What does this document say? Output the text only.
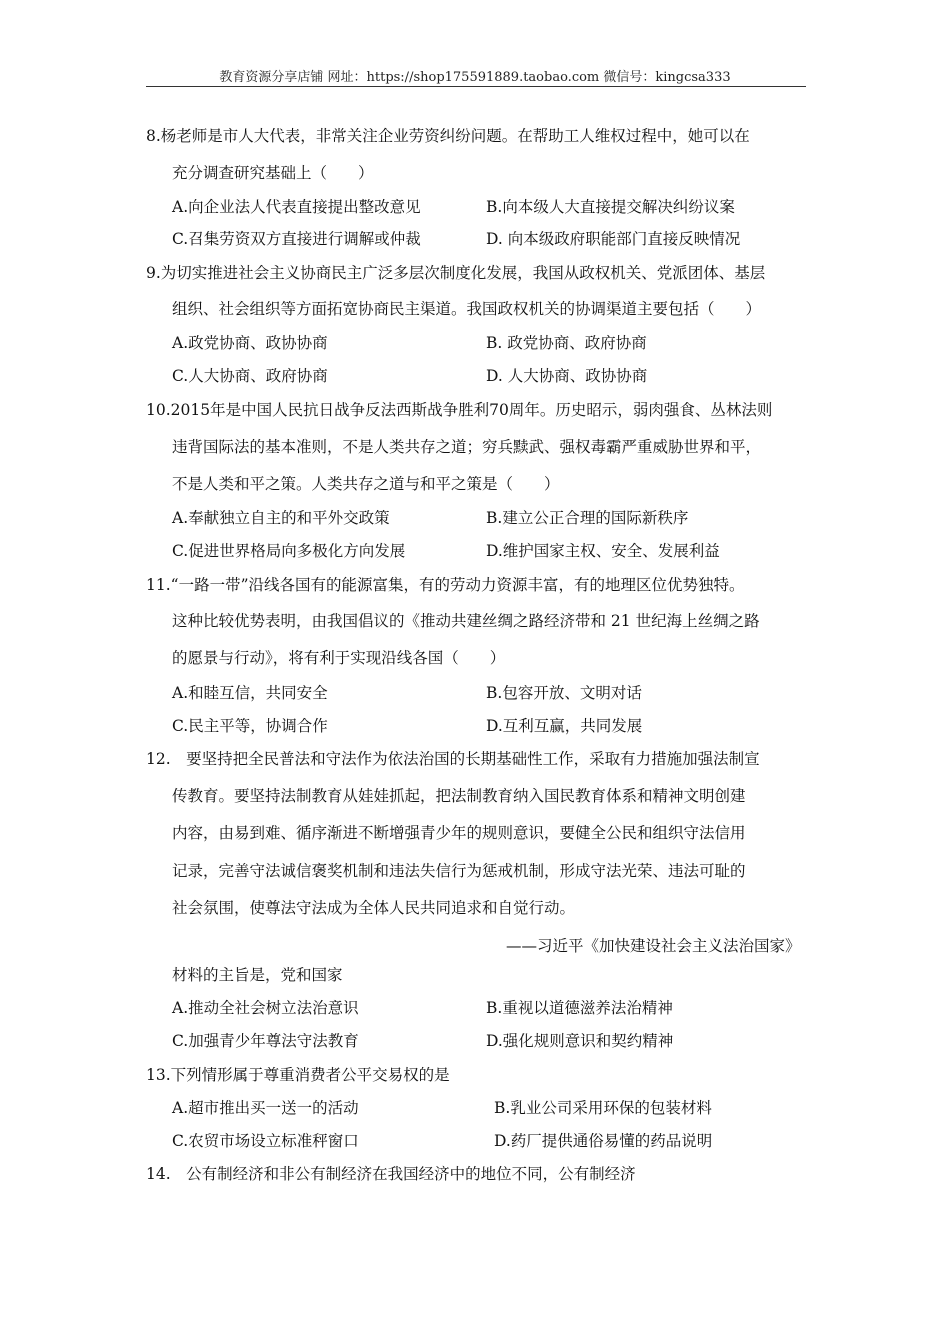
教育资源分享店铺 网址：https://shop175591889.taobao.com 微信号：kingcsa333
8.杨老师是市人大代表，非常关注企业劳资纠纷问题。在帮助工人维权过程中，她可以在
充分调查研究基础上（　　）
A.向企业法人代表直接提出整改意见	B.向本级人大直接提交解决纠纷议案
C.召集劳资双方直接进行调解或仲裁	D. 向本级政府职能部门直接反映情况
9.为切实推进社会主义协商民主广泛多层次制度化发展，我国从政权机关、党派团体、基层
组织、社会组织等方面拓宽协商民主渠道。我国政权机关的协调渠道主要包括（　　）
A.政党协商、政协协商	B. 政党协商、政府协商
C.人大协商、政府协商	D. 人大协商、政协协商
10.2015年是中国人民抗日战争反法西斯战争胜利70周年。历史昭示，弱肉强食、丛林法则
违背国际法的基本准则，不是人类共存之道；穷兵黩武、强权毒霸严重威胁世界和平，
不是人类和平之策。人类共存之道与和平之策是（　　）
A.奉献独立自主的和平外交政策	B.建立公正合理的国际新秩序
C.促进世界格局向多极化方向发展	D.维护国家主权、安全、发展利益
11.“一路一带”沿线各国有的能源富集，有的劳动力资源丰富，有的地理区位优势独特。
这种比较优势表明，由我国倡议的《推动共建丝绸之路经济带和 21 世纪海上丝绸之路
的愿景与行动》，将有利于实现沿线各国（　　）
A.和睦互信，共同安全	B.包容开放、文明对话
C.民主平等，协调合作	D.互利互赢，共同发展
12.　要坚持把全民普法和守法作为依法治国的长期基础性工作，采取有力措施加强法制宣
传教育。要坚持法制教育从娃娃抓起，把法制教育纳入国民教育体系和精神文明创建
内容，由易到难、循序渐进不断增强青少年的规则意识，要健全公民和组织守法信用
记录，完善守法诚信褒奖机制和违法失信行为惩戒机制，形成守法光荣、违法可耻的
社会氛围，使尊法守法成为全体人民共同追求和自觉行动。
——习近平《加快建设社会主义法治国家》
材料的主旨是，党和国家
A.推动全社会树立法治意识	B.重视以道德滋养法治精神
C.加强青少年尊法守法教育	D.强化规则意识和契约精神
13.下列情形属于尊重消费者公平交易权的是
A.超市推出买一送一的活动	B.乳业公司采用环保的包装材料
C.农贸市场设立标准秤窗口	D.药厂提供通俗易懂的药品说明
14.　公有制经济和非公有制经济在我国经济中的地位不同，公有制经济
